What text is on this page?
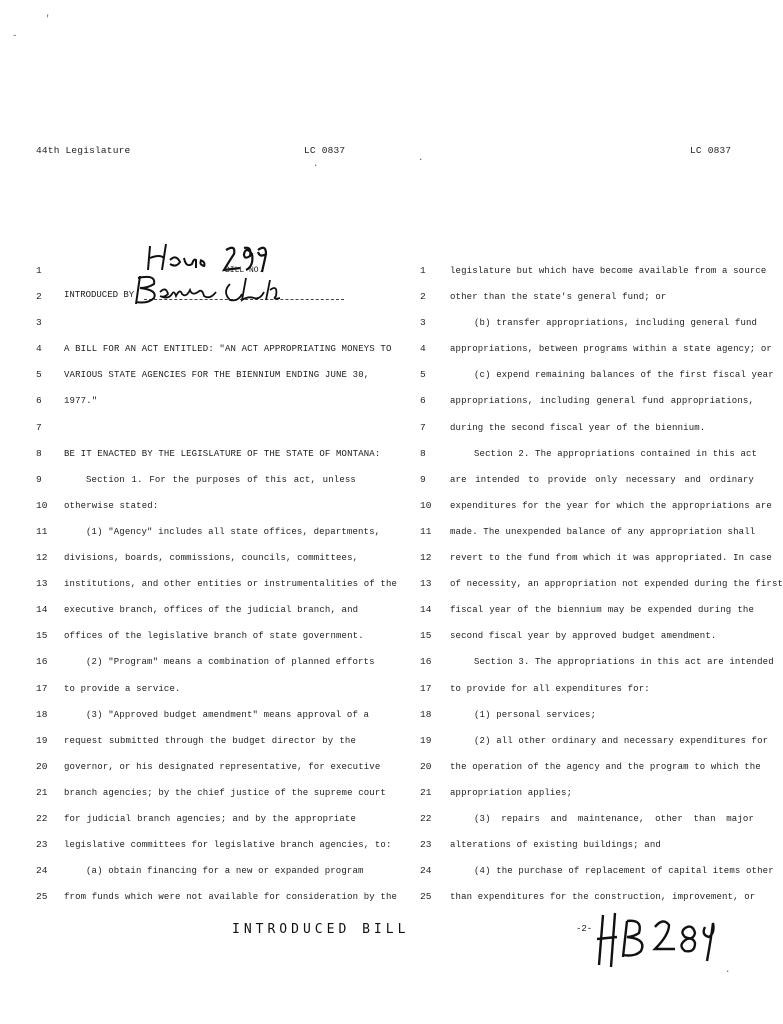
'
-
.
.
.
44th Legislature	LC 0837	LC 0837
1
2
3
4	A BILL FOR AN ACT ENTITLED: "AN ACT APPROPRIATING MONEYS TO
5	VARIOUS STATE AGENCIES FOR THE BIENNIUM ENDING JUNE 30,
6	1977."
7
8	BE IT ENACTED BY THE LEGISLATURE OF THE STATE OF MONTANA:
9	Section 1. For the purposes of this act, unless
10	otherwise stated:
11	(1) "Agency" includes all state offices, departments,
12	divisions, boards, commissions, councils, committees,
13	institutions, and other entities or instrumentalities of the
14	executive branch, offices of the judicial branch, and
15	offices of the legislative branch of state government.
16	(2) "Program" means a combination of planned efforts
17	to provide a service.
18	(3) "Approved budget amendment" means approval of a
19	request submitted through the budget director by the
20	governor, or his designated representative, for executive
21	branch agencies; by the chief justice of the supreme court
22	for judicial branch agencies; and by the appropriate
23	legislative committees for legislative branch agencies, to:
24	(a) obtain financing for a new or expanded program
25	from funds which were not available for consideration by the
BILL NO.
INTRODUCED BY
1	legislature but which have become available from a source
2	other than the state's general fund; or
3	(b) transfer appropriations, including general fund
4	appropriations, between programs within a state agency; or
5	(c) expend remaining balances of the first fiscal year
6	appropriations, including general fund appropriations,
7	during the second fiscal year of the biennium.
8	Section 2. The appropriations contained in this act
9	are intended to provide only necessary and ordinary
10	expenditures for the year for which the appropriations are
11	made. The unexpended balance of any appropriation shall
12	revert to the fund from which it was appropriated. In case
13	of necessity, an appropriation not expended during the first
14	fiscal year of the biennium may be expended during the
15	second fiscal year by approved budget amendment.
16	Section 3. The appropriations in this act are intended
17	to provide for all expenditures for:
18	(1) personal services;
19	(2) all other ordinary and necessary expenditures for
20	the operation of the agency and the program to which the
21	appropriation applies;
22	(3) repairs and maintenance, other than major
23	alterations of existing buildings; and
24	(4) the purchase of replacement of capital items other
25	than expenditures for the construction, improvement, or
INTRODUCED BILL	-2-
